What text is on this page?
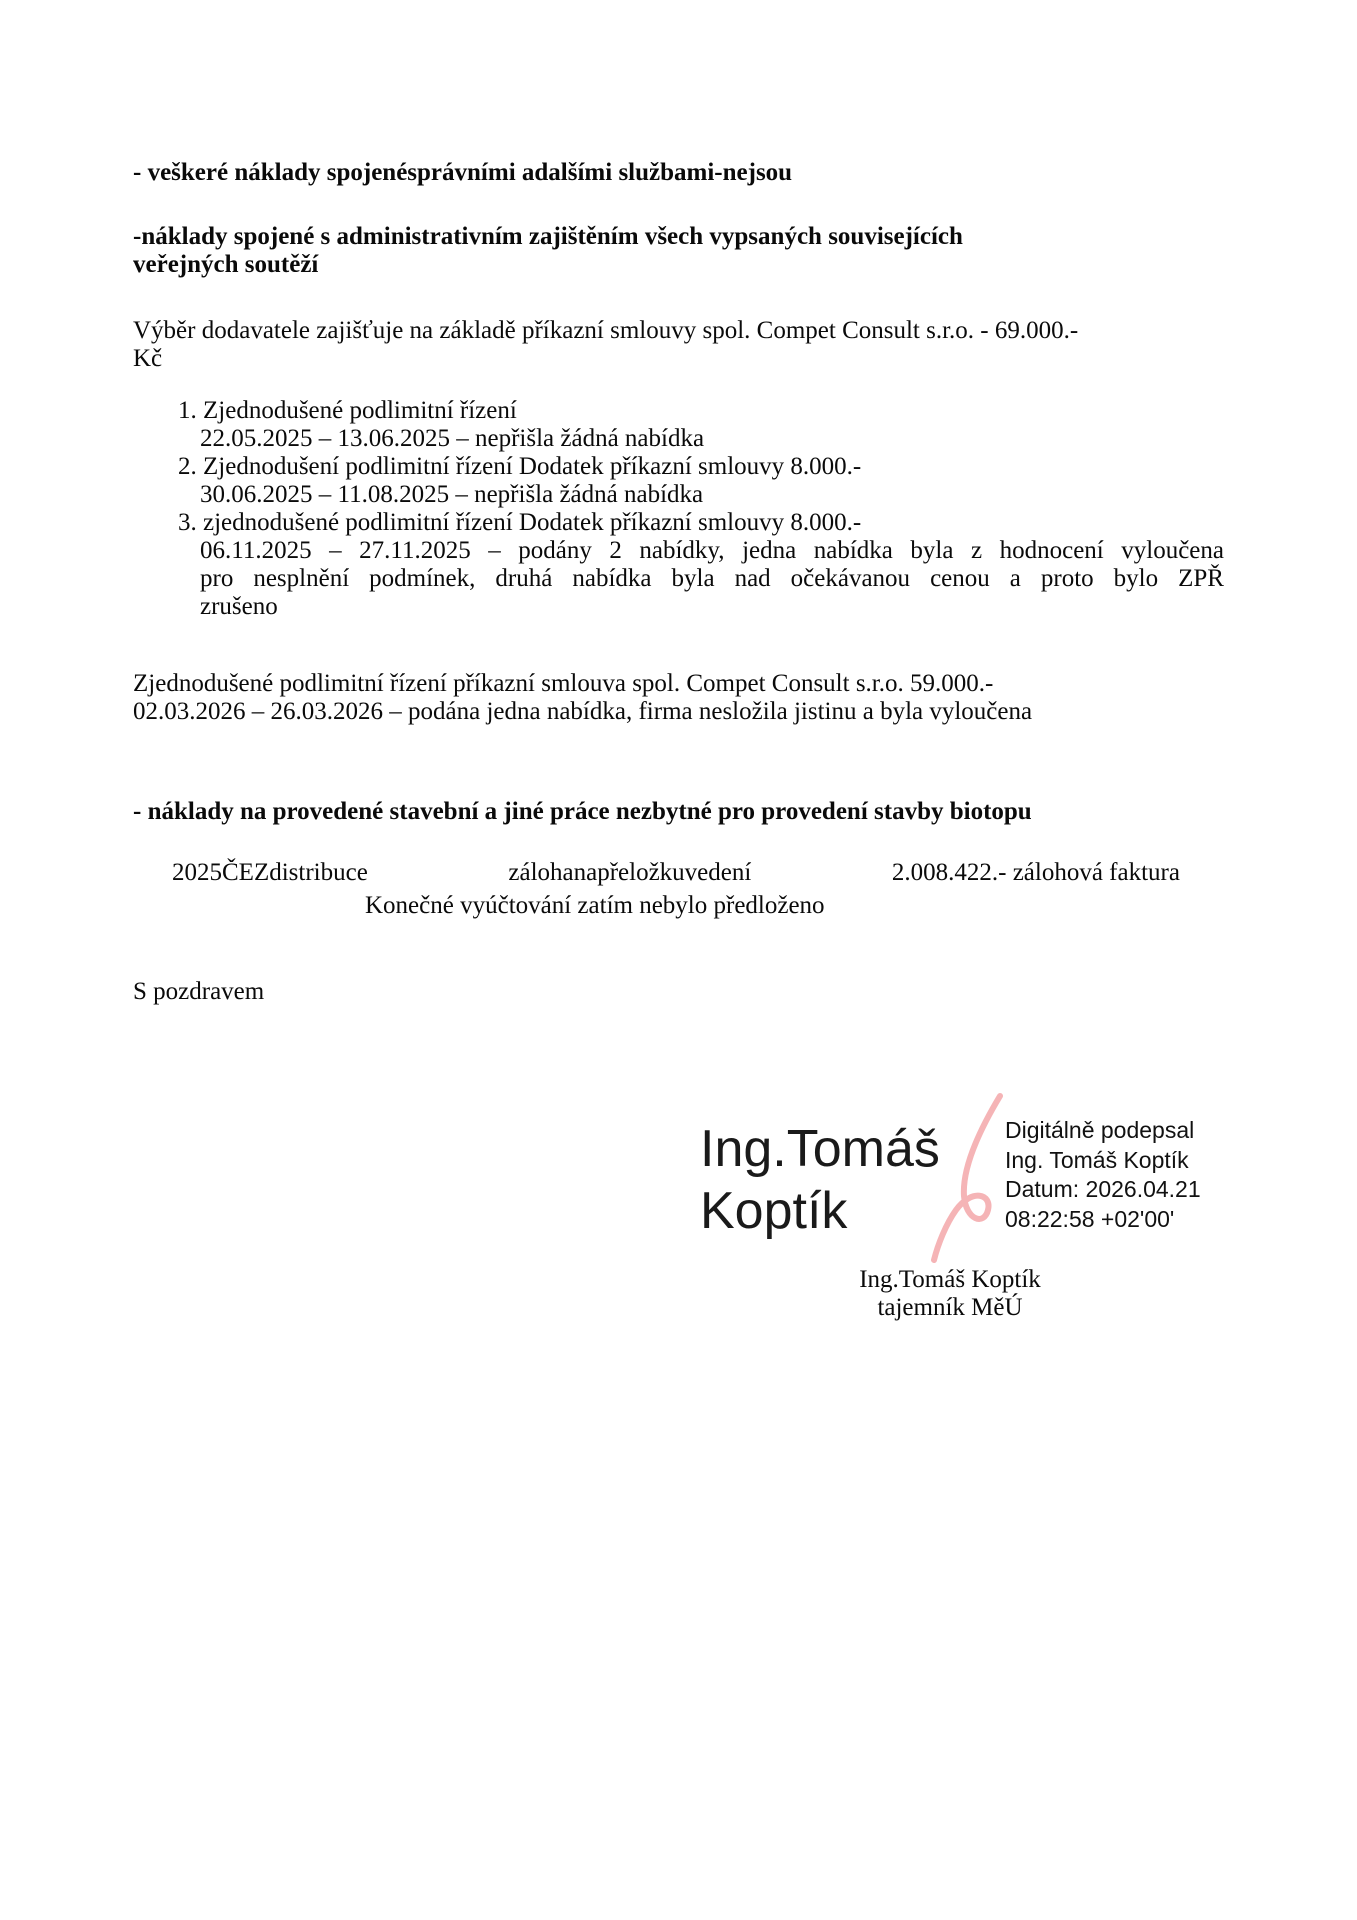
- veškeré náklady spojenésprávními adalšími službami-nejsou
-náklady spojené s administrativním zajištěním všech vypsaných souvisejících
veřejných soutěží
Výběr dodavatele zajišťuje na základě příkazní smlouvy spol. Compet Consult s.r.o. - 69.000.-
Kč
1. Zjednodušené podlimitní řízení
22.05.2025 – 13.06.2025 – nepřišla žádná nabídka
2. Zjednodušení podlimitní řízení Dodatek příkazní smlouvy 8.000.-
30.06.2025 – 11.08.2025 – nepřišla žádná nabídka
3. zjednodušené podlimitní řízení Dodatek příkazní smlouvy 8.000.-
06.11.2025 – 27.11.2025 – podány 2 nabídky, jedna nabídka byla z hodnocení vyloučena
pro nesplnění podmínek, druhá nabídka byla nad očekávanou cenou a proto bylo ZPŘ
zrušeno
Zjednodušené podlimitní řízení příkazní smlouva spol. Compet Consult s.r.o. 59.000.-
02.03.2026 – 26.03.2026 – podána jedna nabídka, firma nesložila jistinu a byla vyloučena
- náklady na provedené stavební a jiné práce nezbytné pro provedení stavby biotopu
2025ČEZdistribuce	zálohanapřeložkuvedení	2.008.422.- zálohová faktura
Konečné vyúčtování zatím nebylo předloženo
S pozdravem
Ing.Tomáš
Koptík
Digitálně podepsal
Ing. Tomáš Koptík
Datum: 2026.04.21
08:22:58 +02'00'
Ing.Tomáš Koptík
tajemník MěÚ
